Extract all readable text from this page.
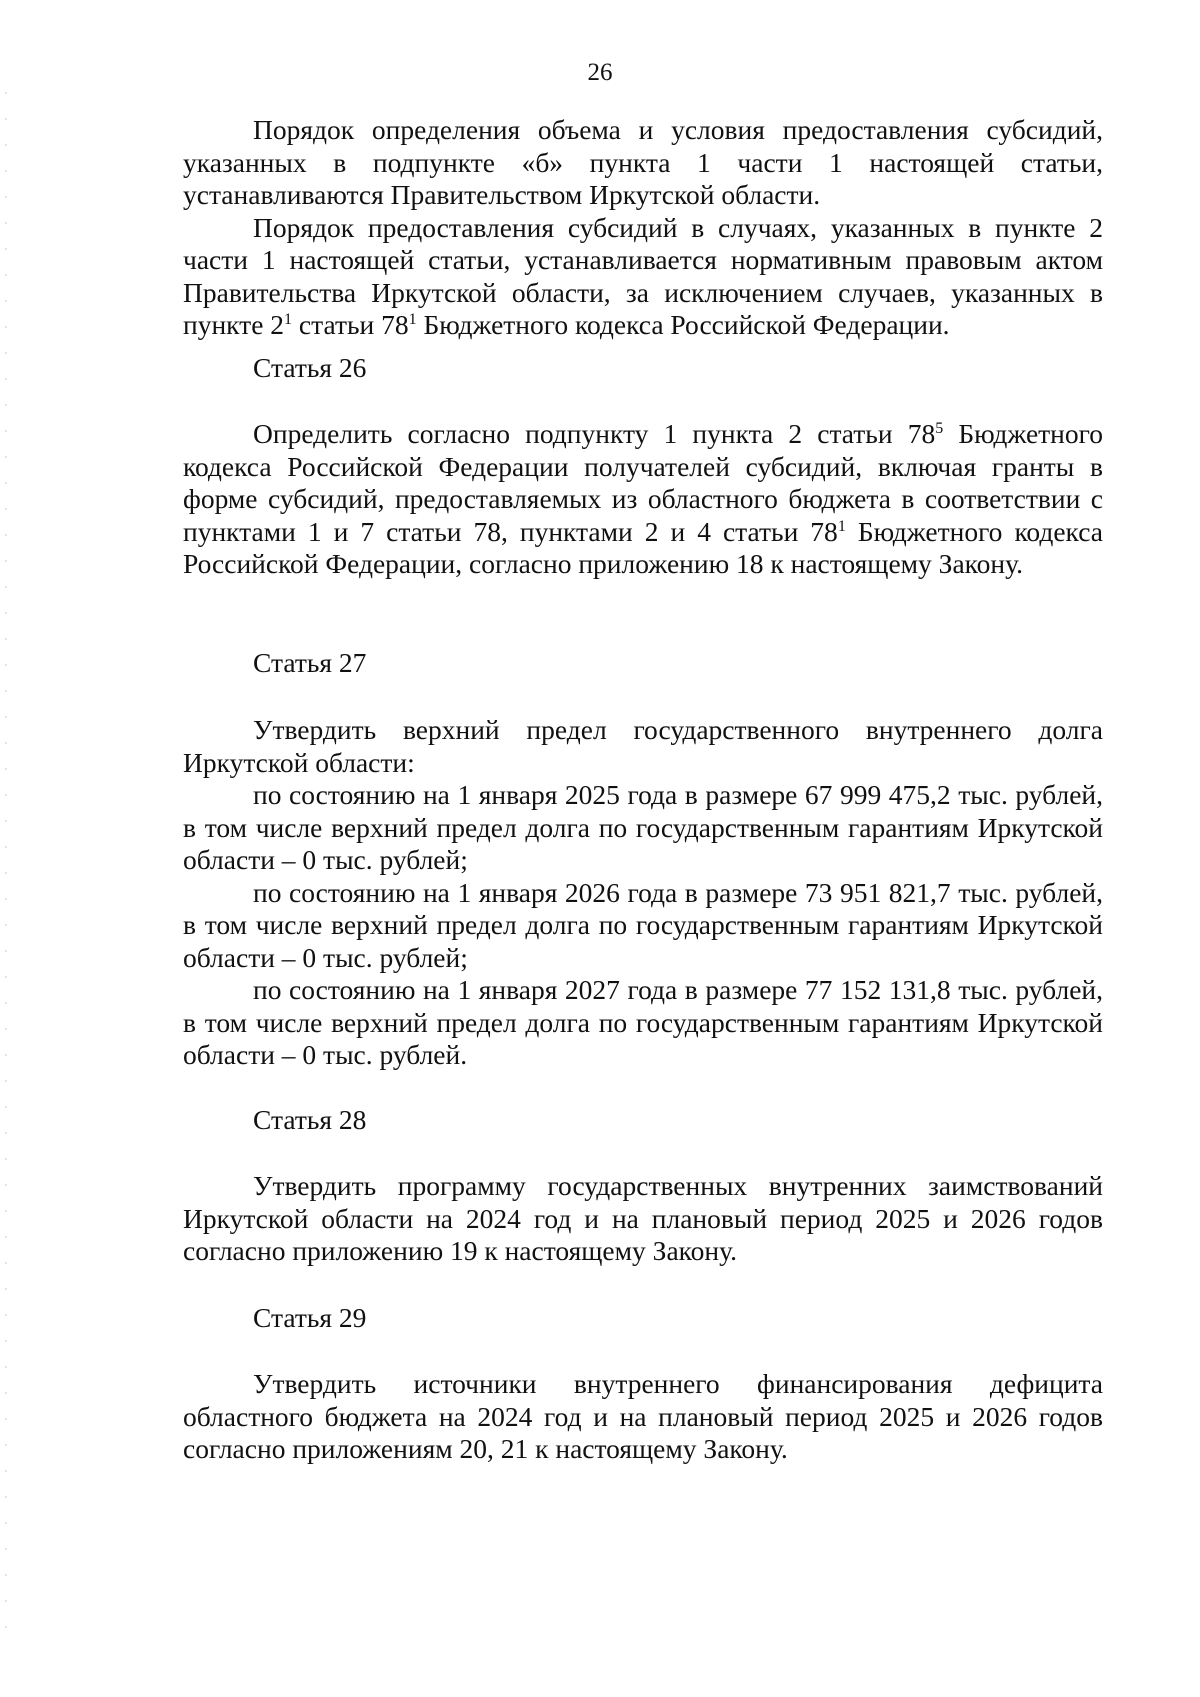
26

Порядок определения объема и условия предоставления субсидий, указанных в подпункте «б» пункта 1 части 1 настоящей статьи, устанавливаются Правительством Иркутской области.

Порядок предоставления субсидий в случаях, указанных в пункте 2 части 1 настоящей статьи, устанавливается нормативным правовым актом Правительства Иркутской области, за исключением случаев, указанных в пункте $2^1$ статьи $78^1$ Бюджетного кодекса Российской Федерации.

Статья 26

Определить согласно подпункту 1 пункта 2 статьи $78^5$ Бюджетного кодекса Российской Федерации получателей субсидий, включая гранты в форме субсидий, предоставляемых из областного бюджета в соответствии с пунктами 1 и 7 статьи 78, пунктами 2 и 4 статьи $78^1$ Бюджетного кодекса Российской Федерации, согласно приложению 18 к настоящему Закону.

Статья 27

Утвердить верхний предел государственного внутреннего долга Иркутской области:

по состоянию на 1 января 2025 года в размере 67 999 475,2 тыс. рублей, в том числе верхний предел долга по государственным гарантиям Иркутской области – 0 тыс. рублей;

по состоянию на 1 января 2026 года в размере 73 951 821,7 тыс. рублей, в том числе верхний предел долга по государственным гарантиям Иркутской области – 0 тыс. рублей;

по состоянию на 1 января 2027 года в размере 77 152 131,8 тыс. рублей, в том числе верхний предел долга по государственным гарантиям Иркутской области – 0 тыс. рублей.

Статья 28

Утвердить программу государственных внутренних заимствований Иркутской области на 2024 год и на плановый период 2025 и 2026 годов согласно приложению 19 к настоящему Закону.

Статья 29

Утвердить источники внутреннего финансирования дефицита областного бюджета на 2024 год и на плановый период 2025 и 2026 годов согласно приложениям 20, 21 к настоящему Закону.
